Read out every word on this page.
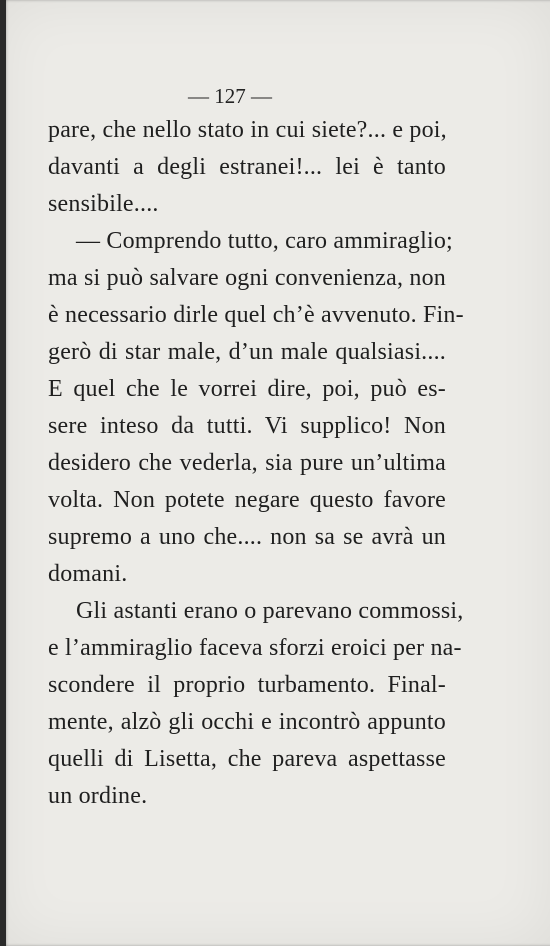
— 127 —
pare, che nello stato in cui siete?... e poi,
davanti a degli estranei!... lei è tanto
sensibile....
— Comprendo tutto, caro ammiraglio;
ma si può salvare ogni convenienza, non
è necessario dirle quel ch’è avvenuto. Fin-
gerò di star male, d’un male qualsiasi....
E quel che le vorrei dire, poi, può es-
sere inteso da tutti. Vi supplico! Non
desidero che vederla, sia pure un’ultima
volta. Non potete negare questo favore
supremo a uno che.... non sa se avrà un
domani.
Gli astanti erano o parevano commossi,
e l’ammiraglio faceva sforzi eroici per na-
scondere il proprio turbamento. Final-
mente, alzò gli occhi e incontrò appunto
quelli di Lisetta, che pareva aspettasse
un ordine.
